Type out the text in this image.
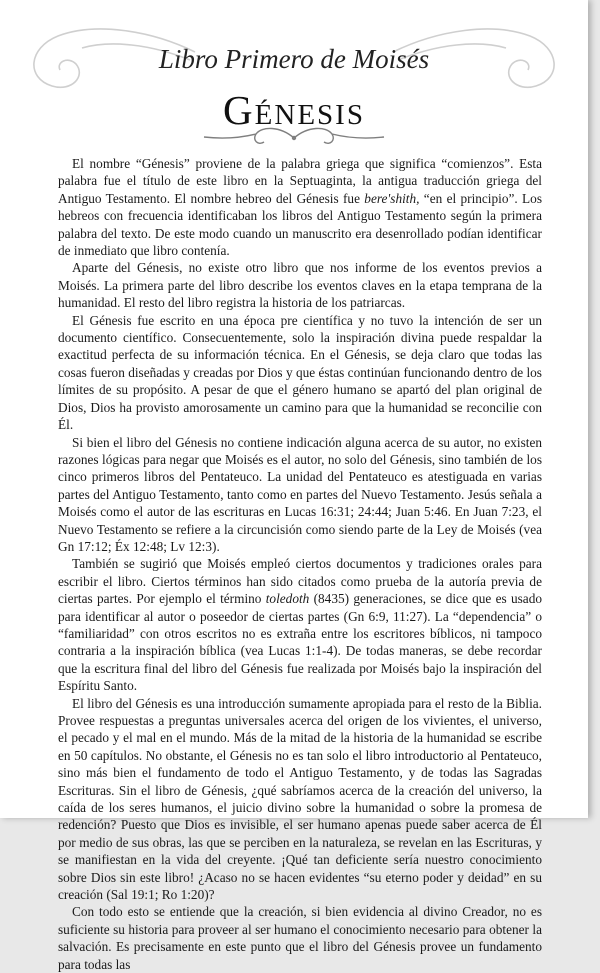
Libro Primero de Moisés
Génesis

El nombre “Génesis” proviene de la palabra griega que significa “comienzos”. Esta palabra fue el título de este libro en la Septuaginta, la antigua traducción griega del Antiguo Testamento. El nombre hebreo del Génesis fue bere'shith, “en el principio”. Los hebreos con frecuencia identificaban los libros del Antiguo Testamento según la primera palabra del texto. De este modo cuando un manuscrito era desenrollado podían identificar de inmediato que libro contenía.

Aparte del Génesis, no existe otro libro que nos informe de los eventos previos a Moisés. La primera parte del libro describe los eventos claves en la etapa temprana de la humanidad. El resto del libro registra la historia de los patriarcas.

El Génesis fue escrito en una época pre científica y no tuvo la intención de ser un documento científico. Consecuentemente, solo la inspiración divina puede respaldar la exactitud perfecta de su información técnica. En el Génesis, se deja claro que todas las cosas fueron diseñadas y creadas por Dios y que éstas continúan funcionando dentro de los límites de su propósito. A pesar de que el género humano se apartó del plan original de Dios, Dios ha provisto amorosamente un camino para que la humanidad se reconcilie con Él.

Si bien el libro del Génesis no contiene indicación alguna acerca de su autor, no existen razones lógicas para negar que Moisés es el autor, no solo del Génesis, sino también de los cinco primeros libros del Pentateuco. La unidad del Pentateuco es atestiguada en varias partes del Antiguo Testamento, tanto como en partes del Nuevo Testamento. Jesús señala a Moisés como el autor de las escrituras en Lucas 16:31; 24:44; Juan 5:46. En Juan 7:23, el Nuevo Testamento se refiere a la circuncisión como siendo parte de la Ley de Moisés (vea Gn 17:12; Éx 12:48; Lv 12:3).

También se sugirió que Moisés empleó ciertos documentos y tradiciones orales para escribir el libro. Ciertos términos han sido citados como prueba de la autoría previa de ciertas partes. Por ejemplo el término toledoth (8435) generaciones, se dice que es usado para identificar al autor o poseedor de ciertas partes (Gn 6:9, 11:27). La “dependencia” o “familiaridad” con otros escritos no es extraña entre los escritores bíblicos, ni tampoco contraria a la inspiración bíblica (vea Lucas 1:1-4). De todas maneras, se debe recordar que la escritura final del libro del Génesis fue realizada por Moisés bajo la inspiración del Espíritu Santo.

El libro del Génesis es una introducción sumamente apropiada para el resto de la Biblia. Provee respuestas a preguntas universales acerca del origen de los vivientes, el universo, el pecado y el mal en el mundo. Más de la mitad de la historia de la humanidad se escribe en 50 capítulos. No obstante, el Génesis no es tan solo el libro introductorio al Pentateuco, sino más bien el fundamento de todo el Antiguo Testamento, y de todas las Sagradas Escrituras. Sin el libro de Génesis, ¿qué sabríamos acerca de la creación del universo, la caída de los seres humanos, el juicio divino sobre la humanidad o sobre la promesa de redención? Puesto que Dios es invisible, el ser humano apenas puede saber acerca de Él por medio de sus obras, las que se perciben en la naturaleza, se revelan en las Escrituras, y se manifiestan en la vida del creyente. ¡Qué tan deficiente sería nuestro conocimiento sobre Dios sin este libro! ¿Acaso no se hacen evidentes “su eterno poder y deidad” en su creación (Sal 19:1; Ro 1:20)?

Con todo esto se entiende que la creación, si bien evidencia al divino Creador, no es suficiente su historia para proveer al ser humano el conocimiento necesario para obtener la salvación. Es precisamente en este punto que el libro del Génesis provee un fundamento para todas las
